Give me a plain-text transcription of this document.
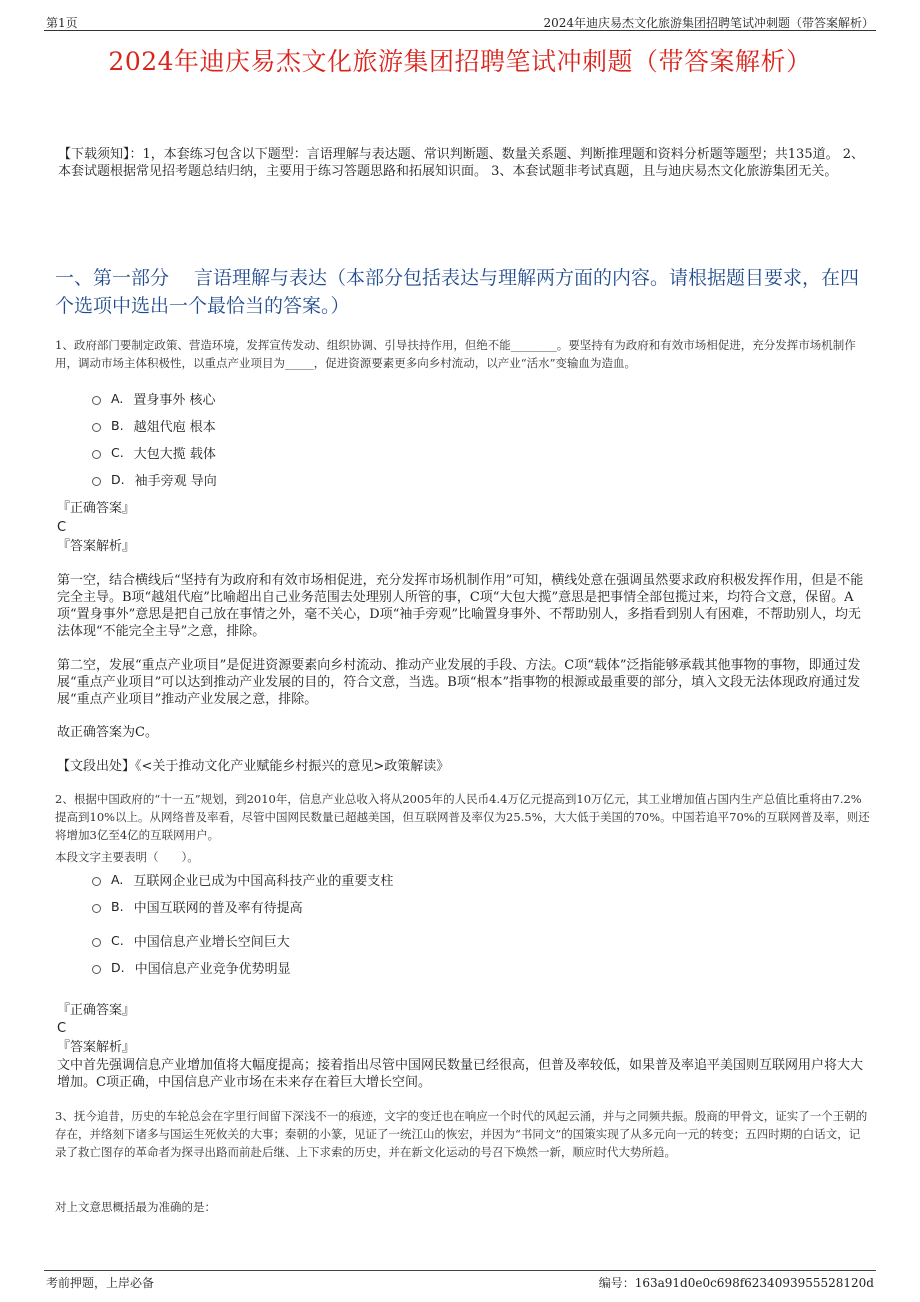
第1页	2024年迪庆易杰文化旅游集团招聘笔试冲刺题（带答案解析）
2024年迪庆易杰文化旅游集团招聘笔试冲刺题（带答案解析）
【下载须知】：1，本套练习包含以下题型：言语理解与表达题、常识判断题、数量关系题、判断推理题和资料分析题等题型；共135道。 2、本套试题根据常见招考题总结归纳，主要用于练习答题思路和拓展知识面。 3、本套试题非考试真题，且与迪庆易杰文化旅游集团无关。
一、第一部分　 言语理解与表达（本部分包括表达与理解两方面的内容。请根据题目要求，在四个选项中选出一个最恰当的答案。）
1、政府部门要制定政策、营造环境，发挥宣传发动、组织协调、引导扶持作用，但绝不能________。要坚持有为政府和有效市场相促进，充分发挥市场机制作用，调动市场主体积极性，以重点产业项目为_____，促进资源要素更多向乡村流动，以产业“活水”变输血为造血。
A. 置身事外 核心
B. 越俎代庖 根本
C. 大包大揽 载体
D. 袖手旁观 导向
『正确答案』
C
『答案解析』
第一空，结合横线后“坚持有为政府和有效市场相促进，充分发挥市场机制作用”可知，横线处意在强调虽然要求政府积极发挥作用，但是不能完全主导。B项“越俎代庖”比喻超出自己业务范围去处理别人所管的事，C项“大包大揽”意思是把事情全部包揽过来，均符合文意，保留。A项“置身事外”意思是把自己放在事情之外，毫不关心，D项“袖手旁观”比喻置身事外、不帮助别人，多指看到别人有困难，不帮助别人，均无法体现“不能完全主导”之意，排除。
第二空，发展“重点产业项目”是促进资源要素向乡村流动、推动产业发展的手段、方法。C项“载体”泛指能够承载其他事物的事物，即通过发展“重点产业项目”可以达到推动产业发展的目的，符合文意，当选。B项“根本”指事物的根源或最重要的部分，填入文段无法体现政府通过发展“重点产业项目”推动产业发展之意，排除。
故正确答案为C。
【文段出处】《<关于推动文化产业赋能乡村振兴的意见>政策解读》
2、根据中国政府的“十一五”规划，到2010年，信息产业总收入将从2005年的人民币4.4万亿元提高到10万亿元，其工业增加值占国内生产总值比重将由7.2%提高到10%以上。从网络普及率看，尽管中国网民数量已超越美国，但互联网普及率仅为25.5%，大大低于美国的70%。中国若追平70%的互联网普及率，则还将增加3亿至4亿的互联网用户。
本段文字主要表明（　　）。
A. 互联网企业已成为中国高科技产业的重要支柱
B. 中国互联网的普及率有待提高
C. 中国信息产业增长空间巨大
D. 中国信息产业竞争优势明显
『正确答案』
C
『答案解析』
文中首先强调信息产业增加值将大幅度提高；接着指出尽管中国网民数量已经很高，但普及率较低，如果普及率追平美国则互联网用户将大大增加。C项正确，中国信息产业市场在未来存在着巨大增长空间。
3、抚今追昔，历史的车轮总会在字里行间留下深浅不一的痕迹，文字的变迁也在响应一个时代的风起云涌，并与之同频共振。殷商的甲骨文，证实了一个王朝的存在，并络刻下诸多与国运生死攸关的大事；秦朝的小篆，见证了一统江山的恢宏，并因为“书同文”的国策实现了从多元向一元的转变；五四时期的白话文，记录了救亡图存的革命者为探寻出路而前赴后继、上下求索的历史，并在新文化运动的号召下焕然一新，顺应时代大势所趋。
对上文意思概括最为准确的是：
考前押题，上岸必备	编号：163a91d0e0c698f6234093955528120d
